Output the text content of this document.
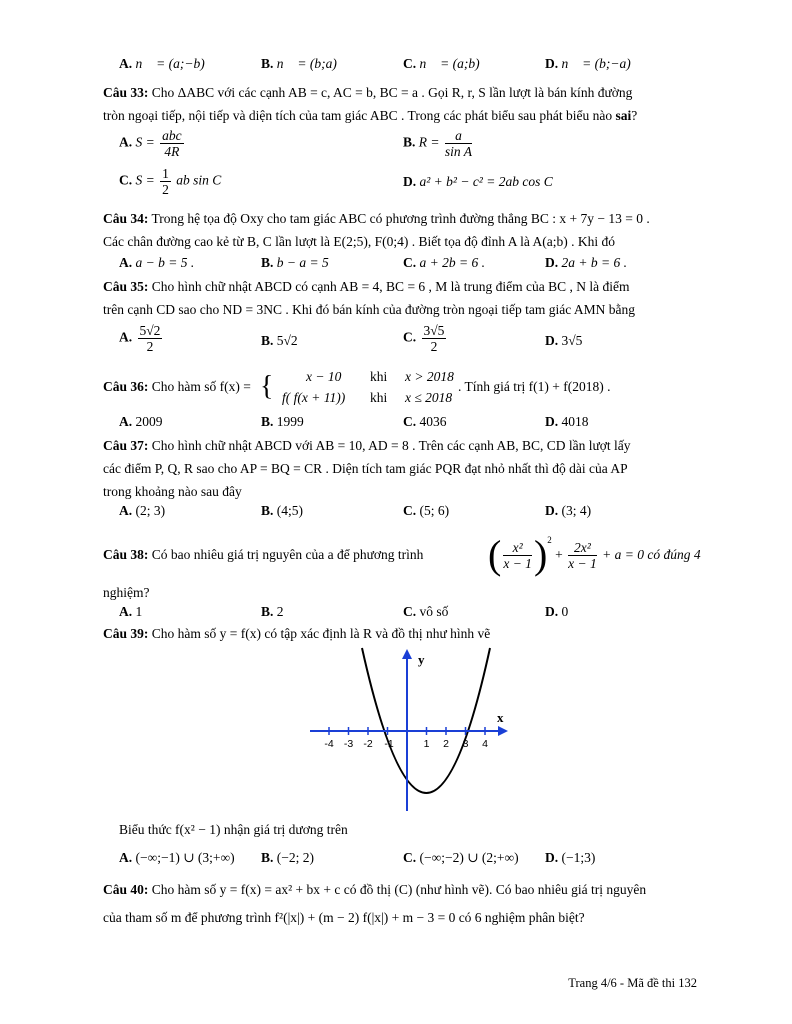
A. n⃗ = (a;−b)	B. n⃗ = (b;a)	C. n⃗ = (a;b)	D. n⃗ = (b;−a)
Câu 33: Cho ΔABC với các cạnh AB = c, AC = b, BC = a . Gọi R, r, S lần lượt là bán kính đường
tròn ngoại tiếp, nội tiếp và diện tích của tam giác ABC . Trong các phát biểu sau phát biểu nào sai?
A. $S = \frac{\text{abc}}{4R}$	B. $R = \frac{a}{\text{sin A}}$
C. $S = \frac{1}{2}$ ab sin C	D. a² + b² − c² = 2ab cos C
Câu 34: Trong hệ tọa độ Oxy cho tam giác ABC có phương trình đường thẳng BC : x + 7y − 13 = 0 .
Các chân đường cao kẻ từ B, C lần lượt là E(2;5), F(0;4) . Biết tọa độ đỉnh A là A(a;b) . Khi đó
A. a − b = 5 .	B. b − a = 5	C. a + 2b = 6 .	D. 2a + b = 6 .
Câu 35: Cho hình chữ nhật ABCD có cạnh AB = 4, BC = 6 , M là trung điểm của BC , N là điểm
trên cạnh CD sao cho ND = 3NC . Khi đó bán kính của đường tròn ngoại tiếp tam giác AMN bằng
A. $\frac{5√2}{2}$	B. 5√2	C. $\frac{3√5}{2}$	D. 3√5
Câu 36: Cho hàm số f(x) = { x − 10 khi x > 2018
f( f(x + 11)) khi x ≤ 2018
. Tính giá trị f(1) + f(2018) .
A. 2009	B. 1999	C. 4036	D. 4018
Câu 37: Cho hình chữ nhật ABCD với AB = 10, AD = 8 . Trên các cạnh AB, BC, CD lần lượt lấy
các điểm P, Q, R sao cho AP = BQ = CR . Diện tích tam giác PQR đạt nhỏ nhất thì độ dài của AP
trong khoảng nào sau đây
A. (2; 3)	B. (4;5)	C. (5; 6)	D. (3; 4)
Câu 38: Có bao nhiêu giá trị nguyên của a để phương trình ( $\frac{\text{x²}}{x - 1} )^2 + \frac{\text{2x²}}{x - 1} + a = 0$ có đúng 4
nghiệm?
A. 1	B. 2	C. vô số	D. 0
Câu 39: Cho hàm số y = f(x) có tập xác định là R và đồ thị như hình vẽ
-4 -3 -2 -1	1 2 3 4
y
x
Biểu thức f(x² − 1) nhận giá trị dương trên
A. (−∞;−1) ∪ (3;+∞) B. (−2; 2)	C. (−∞;−2) ∪ (2;+∞) D. (−1;3)
Câu 40: Cho hàm số y = f(x) = ax² + bx + c có đồ thị (C) (như hình vẽ). Có bao nhiêu giá trị nguyên
của tham số m để phương trình f²(|x|) + (m − 2) f(|x|) + m − 3 = 0 có 6 nghiệm phân biệt?
Trang 4/6 - Mã đề thi 132
